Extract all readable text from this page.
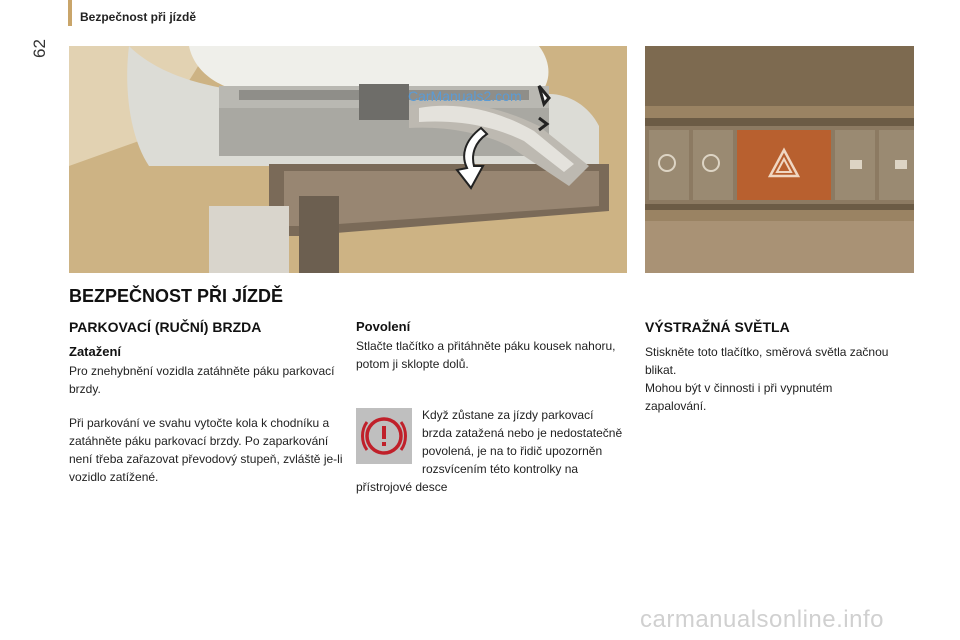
62
Bezpečnost při jízdě
CarManuals2.com
BEZPEČNOST PŘI JÍZDĚ
PARKOVACÍ (RUČNÍ) BRZDA
Zatažení
Pro znehybnění vozidla zatáhněte páku parkovací brzdy.
Při parkování ve svahu vytočte kola k chodníku a zatáhněte páku parkovací brzdy. Po zaparkování není třeba zařazovat převodový stupeň, zvláště je-li vozidlo zatížené.
Povolení
Stlačte tlačítko a přitáhněte páku kousek nahoru, potom ji sklopte dolů.
Když zůstane za jízdy parkovací brzda zatažená nebo je nedostatečně povolená, je na to řidič upozorněn rozsvícením této kontrolky na přístrojové desce
VÝSTRAŽNÁ SVĚTLA
Stiskněte toto tlačítko, směrová světla začnou blikat.
Mohou být v činnosti i při vypnutém zapalování.
carmanualsonline.info
